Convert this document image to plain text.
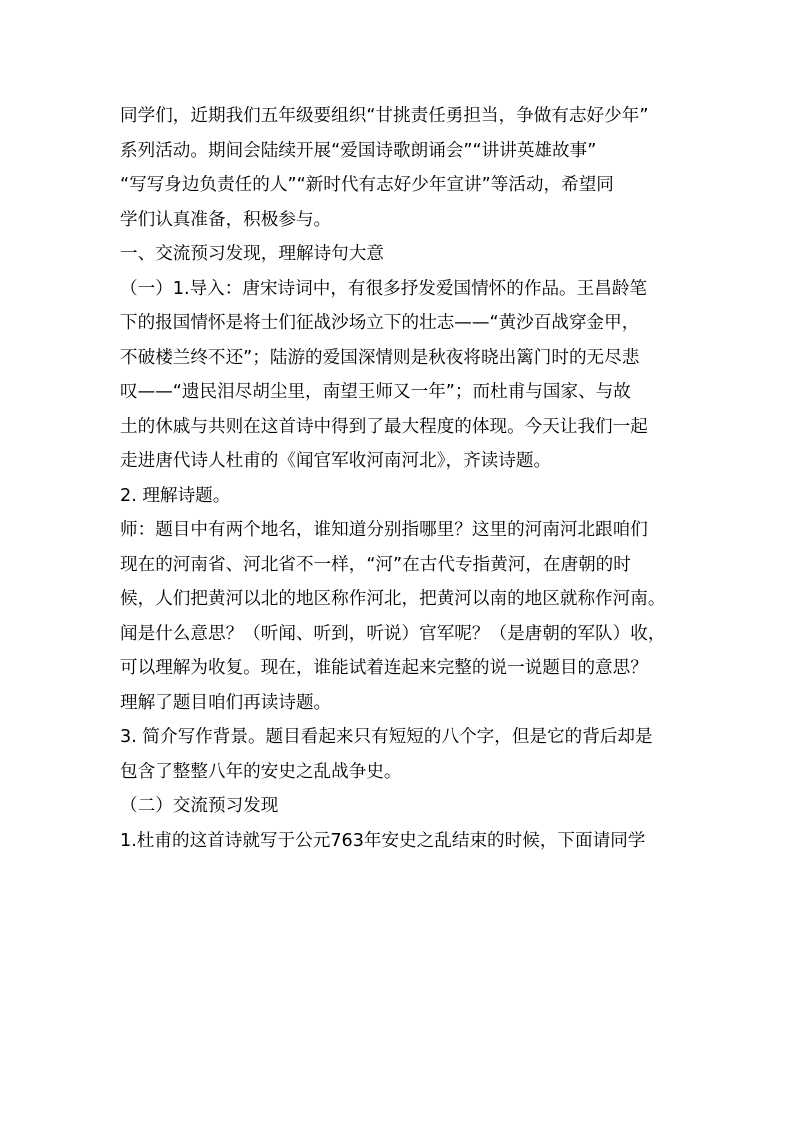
同学们，近期我们五年级要组织“甘挑责任勇担当，争做有志好少年”
系列活动。期间会陆续开展“爱国诗歌朗诵会”“讲讲英雄故事”
“写写身边负责任的人”“新时代有志好少年宣讲”等活动，希望同
学们认真准备，积极参与。
一、交流预习发现，理解诗句大意
（一）1.导入：唐宋诗词中，有很多抒发爱国情怀的作品。王昌龄笔
下的报国情怀是将士们征战沙场立下的壮志——“黄沙百战穿金甲，
不破楼兰终不还”；陆游的爱国深情则是秋夜将晓出篱门时的无尽悲
叹——“遗民泪尽胡尘里，南望王师又一年”；而杜甫与国家、与故
土的休戚与共则在这首诗中得到了最大程度的体现。今天让我们一起
走进唐代诗人杜甫的《闻官军收河南河北》，齐读诗题。
2. 理解诗题。
师：题目中有两个地名，谁知道分别指哪里？这里的河南河北跟咱们
现在的河南省、河北省不一样，“河”在古代专指黄河，在唐朝的时
候，人们把黄河以北的地区称作河北，把黄河以南的地区就称作河南。
闻是什么意思？（听闻、听到，听说）官军呢？（是唐朝的军队）收，
可以理解为收复。现在，谁能试着连起来完整的说一说题目的意思？
理解了题目咱们再读诗题。
3. 简介写作背景。题目看起来只有短短的八个字，但是它的背后却是
包含了整整八年的安史之乱战争史。
（二）交流预习发现
1.杜甫的这首诗就写于公元763年安史之乱结束的时候，下面请同学
